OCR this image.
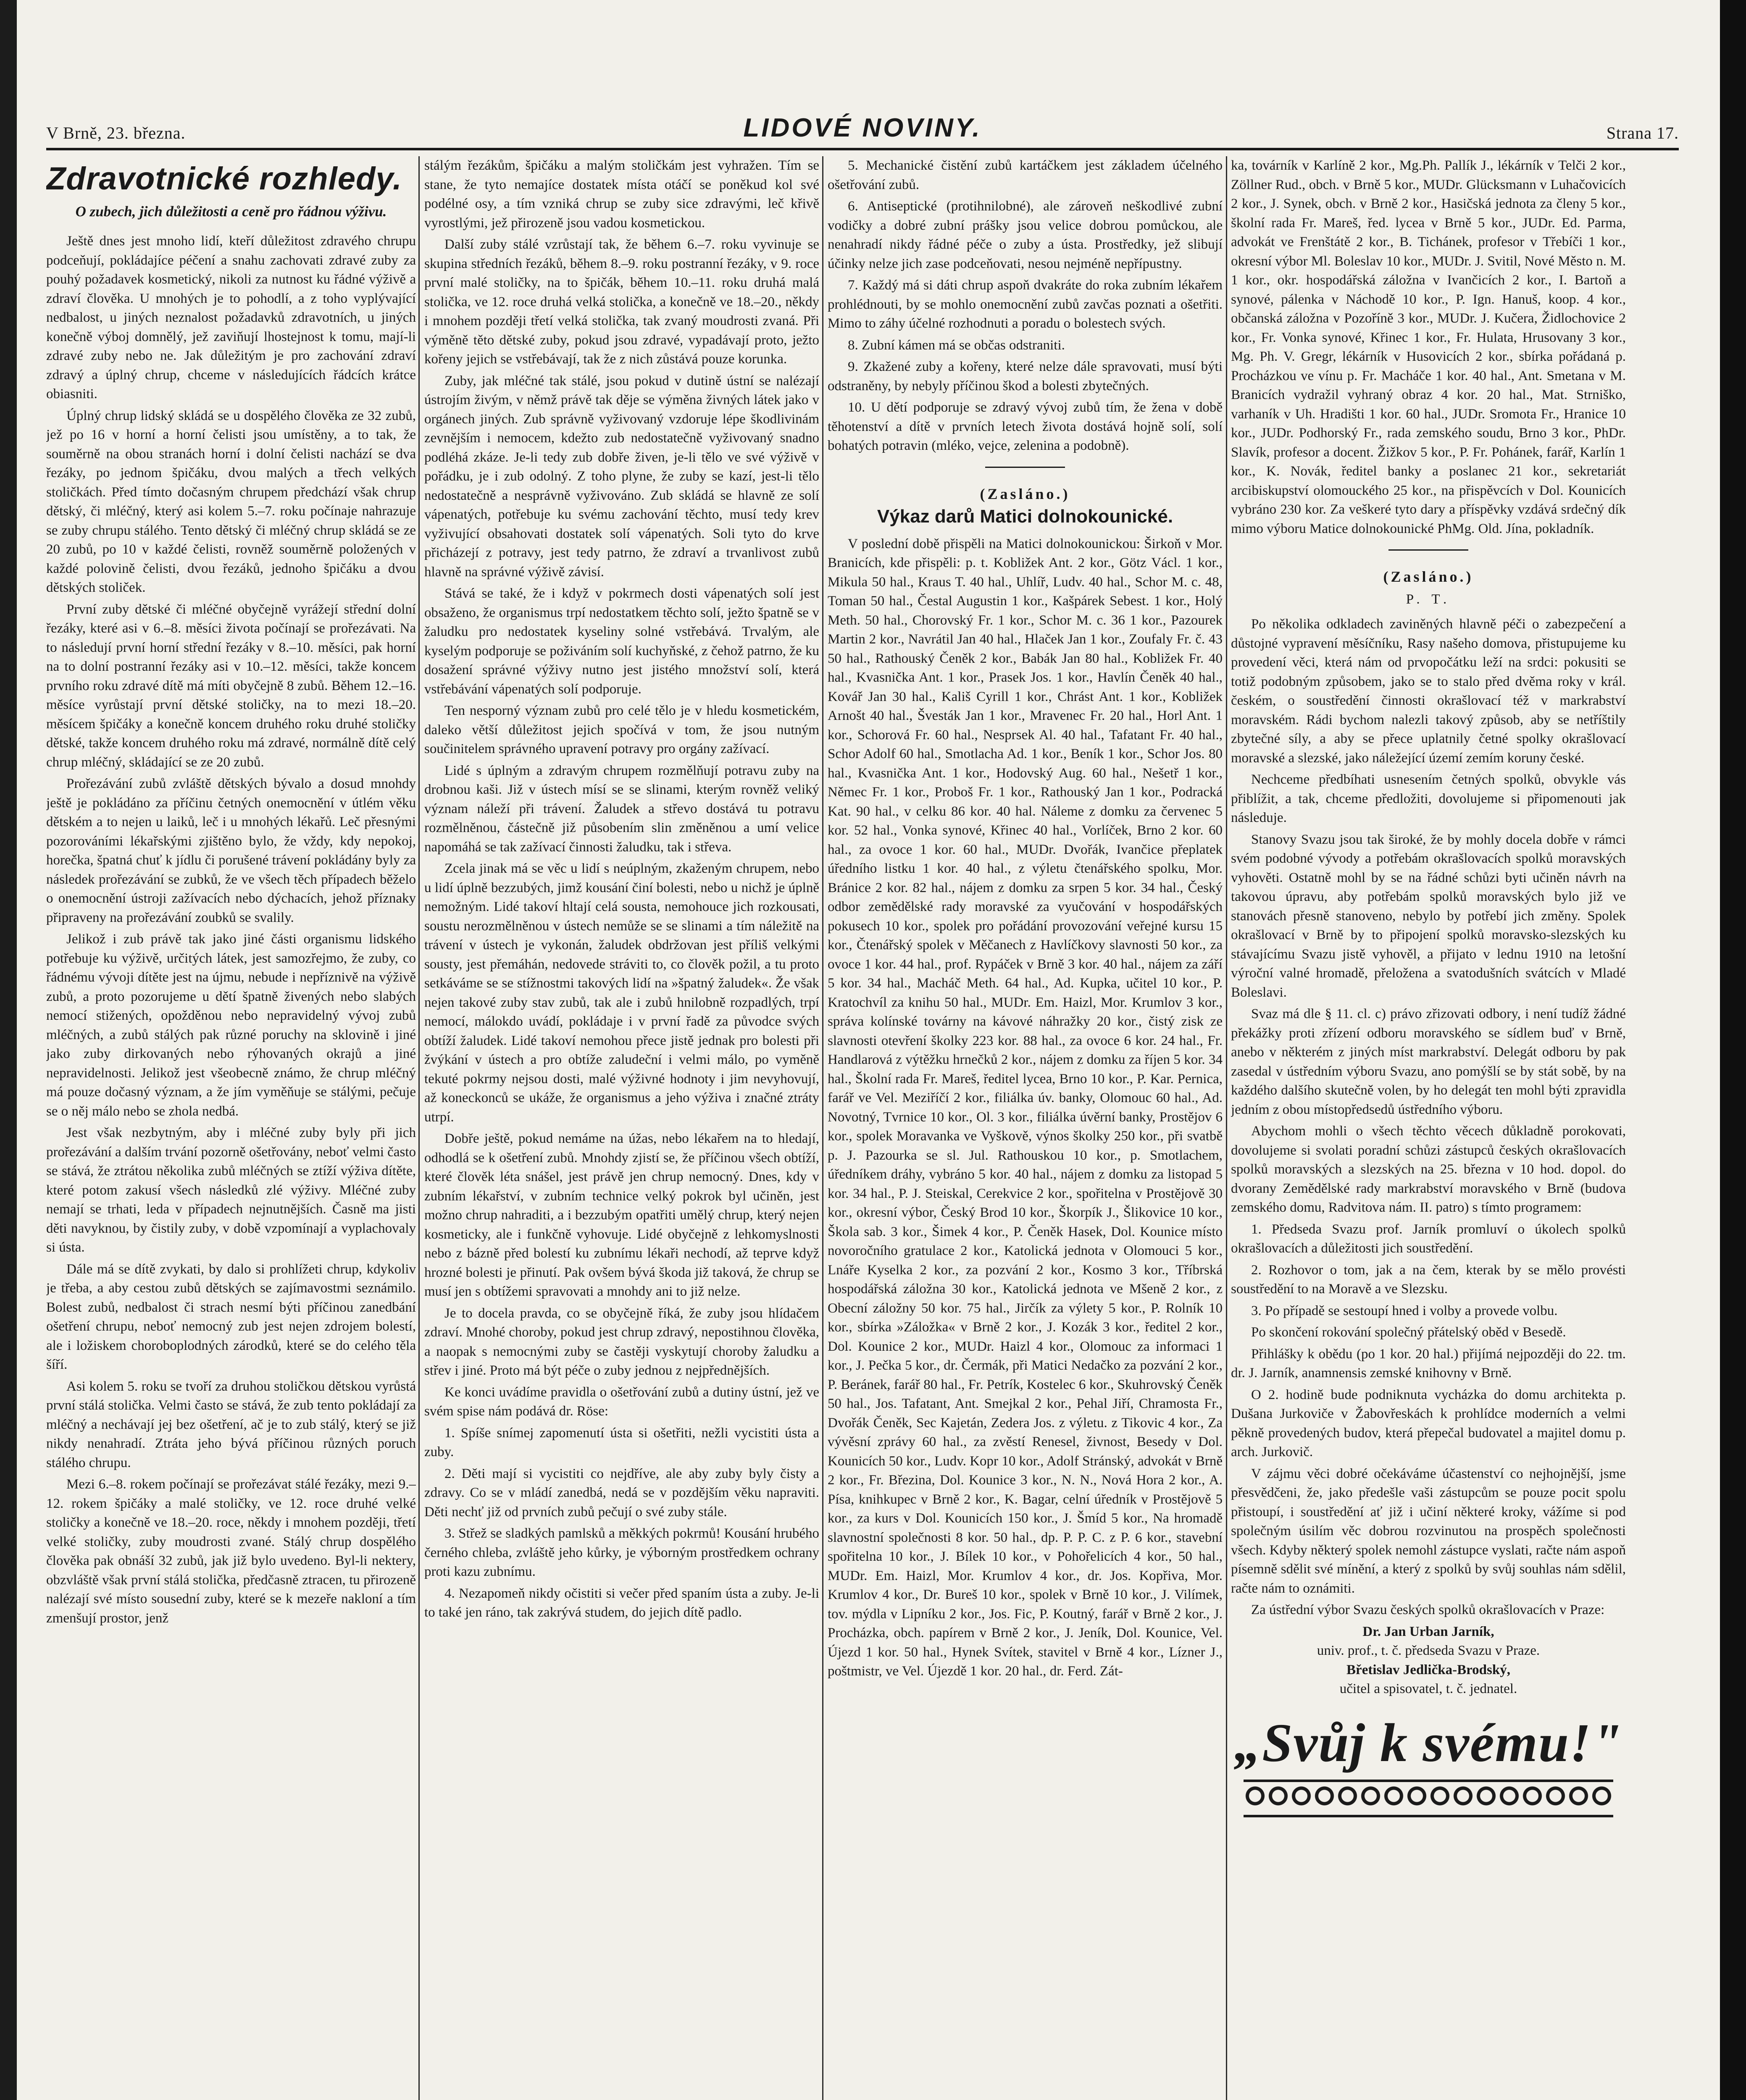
V Brně, 23. března.	LIDOVÉ NOVINY.	Strana 17.
Zdravotnické rozhledy.
O zubech, jich důležitosti a ceně pro řádnou výživu.

Ještě dnes jest mnoho lidí, kteří důležitost zdravého chrupu podceňují, pokládajíce péčení a snahu zachovati zdravé zuby za pouhý požadavek kosmetický, nikoli za nutnost ku řádné výživě a zdraví člověka. U mnohých je to pohodlí, a z toho vyplývající nedbalost, u jiných neznalost požadavků zdravotních, u jiných konečně výboj domnělý, jež zaviňují lhostejnost k tomu, mají-li zdravé zuby nebo ne. Jak důležitým je pro zachování zdraví zdravý a úplný chrup, chceme v následujících řádcích krátce obiasniti.

Úplný chrup lidský skládá se u dospělého člověka ze 32 zubů, jež po 16 v horní a horní čelisti jsou umístěny, a to tak, že souměrně na obou stranách horní i dolní čelisti nachází se dva řezáky, po jednom špičáku, dvou malých a třech velkých stoličkách. Před tímto dočasným chrupem předchází však chrup dětský, či mléčný, který asi kolem 5.–7. roku počínaje nahrazuje se zuby chrupu stálého. Tento dětský či mléčný chrup skládá se ze 20 zubů, po 10 v každé čelisti, rovněž souměrně položených v každé polovině čelisti, dvou řezáků, jednoho špičáku a dvou dětských stoliček.

První zuby dětské či mléčné obyčejně vyrážejí střední dolní řezáky, které asi v 6.–8. měsíci života počínají se prořezávati. Na to následují první horní střední řezáky v 8.–10. měsíci, pak horní na to dolní postranní řezáky asi v 10.–12. měsíci, takže koncem prvního roku zdravé dítě má míti obyčejně 8 zubů. Během 12.–16. měsíce vyrůstají první dětské stoličky, na to mezi 18.–20. měsícem špičáky a konečně koncem druhého roku druhé stoličky dětské, takže koncem druhého roku má zdravé, normálně dítě celý chrup mléčný, skládající se ze 20 zubů.

Prořezávání zubů zvláště dětských bývalo a dosud mnohdy ještě je pokládáno za příčinu četných onemocnění v útlém věku dětském a to nejen u laiků, leč i u mnohých lékařů. Leč přesnými pozorováními lékařskými zjištěno bylo, že vždy, kdy nepokoj, horečka, špatná chuť k jídlu či porušené trávení pokládány byly za následek prořezávání se zubků, že ve všech těch případech běželo o onemocnění ústroji zažívacích nebo dýchacích, jehož příznaky připraveny na prořezávání zoubků se svalily.

Jelikož i zub právě tak jako jiné části organismu lidského potřebuje ku výživě, určitých látek, jest samozřejmo, že zuby, co řádnému vývoji dítěte jest na újmu, nebude i nepříznivě na výživě zubů, a proto pozorujeme u dětí špatně živených nebo slabých nemocí stižených, opožděnou nebo nepravidelný vývoj zubů mléčných, a zubů stálých pak různé poruchy na sklovině i jiné jako zuby dirkovaných nebo rýhovaných okrajů a jiné nepravidelnosti. Jelikož jest všeobecně známo, že chrup mléčný má pouze dočasný význam, a že jím vyměňuje se stálými, pečuje se o něj málo nebo se zhola nedbá.

Jest však nezbytným, aby i mléčné zuby byly při jich prořezávání a dalším trvání pozorně ošetřovány, neboť velmi často se stává, že ztrátou několika zubů mléčných se ztíží výživa dítěte, které potom zakusí všech následků zlé výživy. Mléčné zuby nemají se trhati, leda v případech nejnutnějších. Časně ma jisti děti navyknou, by čistily zuby, v době vzpomínají a vyplachovaly si ústa.

Dále má se dítě zvykati, by dalo si prohlížeti chrup, kdykoliv je třeba, a aby cestou zubů dětských se zajímavostmi seznámilo. Bolest zubů, nedbalost či strach nesmí býti příčinou zanedbání ošetření chrupu, neboť nemocný zub jest nejen zdrojem bolestí, ale i ložiskem choroboplodných zárodků, které se do celého těla šíří.

Asi kolem 5. roku se tvoří za druhou stoličkou dětskou vyrůstá první stálá stolička. Velmi často se stává, že zub tento pokládají za mléčný a nechávají jej bez ošetření, ač je to zub stálý, který se již nikdy nenahradí. Ztráta jeho bývá příčinou různých poruch stálého chrupu.

Mezi 6.–8. rokem počínají se prořezávat stálé řezáky, mezi 9.–12. rokem špičáky a malé stoličky, ve 12. roce druhé velké stoličky a konečně ve 18.–20. roce, někdy i mnohem později, třetí velké stoličky, zuby moudrosti zvané. Stálý chrup dospělého člověka pak obnáší 32 zubů, jak již bylo uvedeno. Byl-li nektery, obzvláště však první stálá stolička, předčasně ztracen, tu přirozeně nalézají své místo sousední zuby, které se k mezeře nakloní a tím zmenšují prostor, jenž

stálým řezákům, špičáku a malým stoličkám jest vyhražen. Tím se stane, že tyto nemajíce dostatek místa otáčí se poněkud kol své podélné osy, a tím vzniká chrup se zuby sice zdravými, leč křivě vyrostlými, jež přirozeně jsou vadou kosmetickou.

Další zuby stálé vzrůstají tak, že během 6.–7. roku vyvinuje se skupina středních řezáků, během 8.–9. roku postranní řezáky, v 9. roce první malé stoličky, na to špičák, během 10.–11. roku druhá malá stolička, ve 12. roce druhá velká stolička, a konečně ve 18.–20., někdy i mnohem později třetí velká stolička, tak zvaný moudrosti zvaná. Při výměně těto dětské zuby, pokud jsou zdravé, vypadávají proto, ježto kořeny jejich se vstřebávají, tak že z nich zůstává pouze korunka.

Zuby, jak mléčné tak stálé, jsou pokud v dutině ústní se nalézají ústrojím živým, v němž právě tak děje se výměna živných látek jako v orgánech jiných. Zub správně vyživovaný vzdoruje lépe škodlivinám zevnějším i nemocem, kdežto zub nedostatečně vyživovaný snadno podléhá zkáze. Je-li tedy zub dobře živen, je-li tělo ve své výživě v pořádku, je i zub odolný. Z toho plyne, že zuby se kazí, jest-li tělo nedostatečně a nesprávně vyživováno. Zub skládá se hlavně ze solí vápenatých, potřebuje ku svému zachování těchto, musí tedy krev vyživující obsahovati dostatek solí vápenatých. Soli tyto do krve přicházejí z potravy, jest tedy patrno, že zdraví a trvanlivost zubů hlavně na správné výživě závisí.

Stává se také, že i když v pokrmech dosti vápenatých solí jest obsaženo, že organismus trpí nedostatkem těchto solí, ježto špatně se v žaludku pro nedostatek kyseliny solné vstřebává. Trvalým, ale kyselým podporuje se poživáním solí kuchyňské, z čehož patrno, že ku dosažení správné výživy nutno jest jistého množství solí, která vstřebávání vápenatých solí podporuje.

Ten nesporný význam zubů pro celé tělo je v hledu kosmetickém, daleko větší důležitost jejich spočívá v tom, že jsou nutným součinitelem správného upravení potravy pro orgány zažívací.

Lidé s úplným a zdravým chrupem rozmělňují potravu zuby na drobnou kaši. Již v ústech mísí se se slinami, kterým rovněž veliký význam náleží při trávení. Žaludek a střevo dostává tu potravu rozmělněnou, částečně již působením slin změněnou a umí velice napomáhá se tak zažívací činnosti žaludku, tak i střeva.

Zcela jinak má se věc u lidí s neúplným, zkaženým chrupem, nebo u lidí úplně bezzubých, jimž kousání činí bolesti, nebo u nichž je úplně nemožným. Lidé takoví hltají celá sousta, nemohouce jich rozkousati, soustu nerozmělněnou v ústech nemůže se se slinami a tím náležitě na trávení v ústech je vykonán, žaludek obdržovan jest příliš velkými sousty, jest přemáhán, nedovede stráviti to, co člověk požil, a tu proto setkáváme se se stížnostmi takových lidí na »špatný žaludek«. Že však nejen takové zuby stav zubů, tak ale i zubů hnilobně rozpadlých, trpí nemocí, málokdo uvádí, pokládaje i v první řadě za původce svých obtíží žaludek. Lidé takoví nemohou přece jistě jednak pro bolesti při žvýkání v ústech a pro obtíže zaludeční i velmi málo, po vyměně tekuté pokrmy nejsou dosti, malé výživné hodnoty i jim nevyhovují, až koneckonců se ukáže, že organismus a jeho výživa i značné ztráty utrpí.

Dobře ještě, pokud nemáme na úžas, nebo lékařem na to hledají, odhodlá se k ošetření zubů. Mnohdy zjistí se, že příčinou všech obtíží, které člověk léta snášel, jest právě jen chrup nemocný. Dnes, kdy v zubním lékařství, v zubním technice velký pokrok byl učiněn, jest možno chrup nahraditi, a i bezzubým opatřiti umělý chrup, který nejen kosmeticky, ale i funkčně vyhovuje. Lidé obyčejně z lehkomyslnosti nebo z bázně před bolestí ku zubnímu lékaři nechodí, až teprve když hrozné bolesti je přinutí. Pak ovšem bývá škoda již taková, že chrup se musí jen s obtížemi spravovati a mnohdy ani to již nelze.

Je to docela pravda, co se obyčejně říká, že zuby jsou hlídačem zdraví. Mnohé choroby, pokud jest chrup zdravý, nepostihnou člověka, a naopak s nemocnými zuby se častěji vyskytují choroby žaludku a střev i jiné. Proto má být péče o zuby jednou z nejpřednějších.

Ke konci uvádíme pravidla o ošetřování zubů a dutiny ústní, jež ve svém spise nám podává dr. Röse:

1. Spíše snímej zapomenutí ústa si ošetřiti, nežli vycistiti ústa a zuby.

2. Děti mají si vycistiti co nejdříve, ale aby zuby byly čisty a zdravy. Co se v mládí zanedbá, nedá se v pozdějším věku napraviti. Děti nechť již od prvních zubů pečují o své zuby stále.

3. Střež se sladkých pamlsků a měkkých pokrmů! Kousání hrubého černého chleba, zvláště jeho kůrky, je výborným prostředkem ochrany proti kazu zubnímu.

4. Nezapomeň nikdy očistiti si večer před spaním ústa a zuby. Je-li to také jen ráno, tak zakrývá studem, do jejich dítě padlo.

5. Mechanické čistění zubů kartáčkem jest základem účelného ošetřování zubů.

6. Antiseptické (protihnilobné), ale zároveň neškodlivé zubní vodičky a dobré zubní prášky jsou velice dobrou pomůckou, ale nenahradí nikdy řádné péče o zuby a ústa. Prostředky, jež slibují účinky nelze jich zase podceňovati, nesou nejméně nepřípustny.

7. Každý má si dáti chrup aspoň dvakráte do roka zubním lékařem prohlédnouti, by se mohlo onemocnění zubů zavčas poznati a ošetřiti. Mimo to záhy účelné rozhodnuti a poradu o bolestech svých.

8. Zubní kámen má se občas odstraniti.

9. Zkažené zuby a kořeny, které nelze dále spravovati, musí býti odstraněny, by nebyly příčinou škod a bolesti zbytečných.

10. U dětí podporuje se zdravý vývoj zubů tím, že žena v době těhotenství a dítě v prvních letech života dostává hojně solí, solí bohatých potravin (mléko, vejce, zelenina a podobně).

(Zasláno.)
Výkaz darů Matici dolnokounické.

V poslední době přispěli na Matici dolnokounickou: Širkoň v Mor. Branicích, kde přispěli: p. t. Kobližek Ant. 2 kor., Götz Václ. 1 kor., Mikula 50 hal., Kraus T. 40 hal., Uhlíř, Ludv. 40 hal., Schor M. c. 48, Toman 50 hal., Čestal Augustin 1 kor., Kašpárek Sebest. 1 kor., Holý Meth. 50 hal., Chorovský Fr. 1 kor., Schor M. c. 36 1 kor., Pazourek Martin 2 kor., Navrátil Jan 40 hal., Hlaček Jan 1 kor., Zoufaly Fr. č. 43 50 hal., Rathouský Čeněk 2 kor., Babák Jan 80 hal., Kobližek Fr. 40 hal., Kvasnička Ant. 1 kor., Prasek Jos. 1 kor., Havlín Čeněk 40 hal., Kovář Jan 30 hal., Kališ Cyrill 1 kor., Chrást Ant. 1 kor., Kobližek Arnošt 40 hal., Švesták Jan 1 kor., Mravenec Fr. 20 hal., Horl Ant. 1 kor., Schorová Fr. 60 hal., Nesprsek Al. 40 hal., Tafatant Fr. 40 hal., Schor Adolf 60 hal., Smotlacha Ad. 1 kor., Beník 1 kor., Schor Jos. 80 hal., Kvasnička Ant. 1 kor., Hodovský Aug. 60 hal., Nešetř 1 kor., Němec Fr. 1 kor., Proboš Fr. 1 kor., Rathouský Jan 1 kor., Podracká Kat. 90 hal., v celku 86 kor. 40 hal. Náleme z domku za červenec 5 kor. 52 hal., Vonka synové, Křinec 40 hal., Vorlíček, Brno 2 kor. 60 hal., za ovoce 1 kor. 60 hal., MUDr. Dvořák, Ivančice přeplatek úředního listku 1 kor. 40 hal., z výletu čtenářského spolku, Mor. Bránice 2 kor. 82 hal., nájem z domku za srpen 5 kor. 34 hal., Český odbor zemědělské rady moravské za vyučování v hospodářských pokusech 10 kor., spolek pro pořádání provozování veřejné kursu 15 kor., Čtenářský spolek v Měčanech z Havlíčkovy slavnosti 50 kor., za ovoce 1 kor. 44 hal., prof. Rypáček v Brně 3 kor. 40 hal., nájem za září 5 kor. 34 hal., Macháč Meth. 64 hal., Ad. Kupka, učitel 10 kor., P. Kratochvíl za knihu 50 hal., MUDr. Em. Haizl, Mor. Krumlov 3 kor., správa kolínské továrny na kávové náhražky 20 kor., čistý zisk ze slavnosti otevření školky 223 kor. 88 hal., za ovoce 6 kor. 24 hal., Fr. Handlarová z výtěžku hrnečků 2 kor., nájem z domku za říjen 5 kor. 34 hal., Školní rada Fr. Mareš, ředitel lycea, Brno 10 kor., P. Kar. Pernica, farář ve Vel. Meziříčí 2 kor., filiálka úv. banky, Olomouc 60 hal., Ad. Novotný, Tvrnice 10 kor., Ol. 3 kor., filiálka úvěrní banky, Prostějov 6 kor., spolek Moravanka ve Vyškově, výnos školky 250 kor., při svatbě p. J. Pazourka se sl. Jul. Rathouskou 10 kor., p. Smotlachem, úředníkem dráhy, vybráno 5 kor. 40 hal., nájem z domku za listopad 5 kor. 34 hal., P. J. Steiskal, Cerekvice 2 kor., spořitelna v Prostějově 30 kor., okresní výbor, Český Brod 10 kor., Škorpík J., Šlikovice 10 kor., Škola sab. 3 kor., Šimek 4 kor., P. Čeněk Hasek, Dol. Kounice místo novoročního gratulace 2 kor., Katolická jednota v Olomouci 5 kor., Lnáře Kyselka 2 kor., za pozvání 2 kor., Kosmo 3 kor., Tříbrská hospodářská záložna 30 kor., Katolická jednota ve Mšeně 2 kor., z Obecní záložny 50 kor. 75 hal., Jirčík za výlety 5 kor., P. Rolník 10 kor., sbírka »Záložka« v Brně 2 kor., J. Kozák 3 kor., ředitel 2 kor., Dol. Kounice 2 kor., MUDr. Haizl 4 kor., Olomouc za informaci 1 kor., J. Pečka 5 kor., dr. Čermák, při Matici Nedačko za pozvání 2 kor., P. Beránek, farář 80 hal., Fr. Petrík, Kostelec 6 kor., Skuhrovský Čeněk 50 hal., Jos. Tafatant, Ant. Smejkal 2 kor., Pehal Jiří, Chramosta Fr., Dvořák Čeněk, Sec Kajetán, Zedera Jos. z výletu. z Tikovic 4 kor., Za vývěsní zprávy 60 hal., za zvěstí Renesel, živnost, Besedy v Dol. Kounicích 50 kor., Ludv. Kopr 10 kor., Adolf Stránský, advokát v Brně 2 kor., Fr. Březina, Dol. Kounice 3 kor., N. N., Nová Hora 2 kor., A. Písa, knihkupec v Brně 2 kor., K. Bagar, celní úředník v Prostějově 5 kor., za kurs v Dol. Kounicích 150 kor., J. Šmíd 5 kor., Na hromadě slavnostní společnosti 8 kor. 50 hal., dp. P. P. C. z P. 6 kor., stavební spořitelna 10 kor., J. Bílek 10 kor., v Pohořelicích 4 kor., 50 hal., MUDr. Em. Haizl, Mor. Krumlov 4 kor., dr. Jos. Kopřiva, Mor. Krumlov 4 kor., Dr. Bureš 10 kor., spolek v Brně 10 kor., J. Vilímek, tov. mýdla v Lipníku 2 kor., Jos. Fic, P. Koutný, farář v Brně 2 kor., J. Procházka, obch. papírem v Brně 2 kor., J. Jeník, Dol. Kounice, Vel. Újezd 1 kor. 50 hal., Hynek Svítek, stavitel v Brně 4 kor., Lízner J., poštmistr, ve Vel. Újezdě 1 kor. 20 hal., dr. Ferd. Zát-

ka, továrník v Karlíně 2 kor., Mg.Ph. Pallík J., lékárník v Telči 2 kor., Zöllner Rud., obch. v Brně 5 kor., MUDr. Glücksmann v Luhačovicích 2 kor., J. Synek, obch. v Brně 2 kor., Hasičská jednota za členy 5 kor., školní rada Fr. Mareš, řed. lycea v Brně 5 kor., JUDr. Ed. Parma, advokát ve Frenštátě 2 kor., B. Tichánek, profesor v Třebíči 1 kor., okresní výbor Ml. Boleslav 10 kor., MUDr. J. Svitil, Nové Město n. M. 1 kor., okr. hospodářská záložna v Ivančicích 2 kor., I. Bartoň a synové, pálenka v Náchodě 10 kor., P. Ign. Hanuš, koop. 4 kor., občanská záložna v Pozoříně 3 kor., MUDr. J. Kučera, Židlochovice 2 kor., Fr. Vonka synové, Křinec 1 kor., Fr. Hulata, Hrusovany 3 kor., Mg. Ph. V. Gregr, lékárník v Husovicích 2 kor., sbírka pořádaná p. Procházkou ve vínu p. Fr. Macháče 1 kor. 40 hal., Ant. Smetana v M. Branicích vydražil vyhraný obraz 4 kor. 20 hal., Mat. Strniško, varhaník v Uh. Hradišti 1 kor. 60 hal., JUDr. Sromota Fr., Hranice 10 kor., JUDr. Podhorský Fr., rada zemského soudu, Brno 3 kor., PhDr. Slavík, profesor a docent. Žižkov 5 kor., P. Fr. Pohánek, farář, Karlín 1 kor., K. Novák, ředitel banky a poslanec 21 kor., sekretariát arcibiskupství olomouckého 25 kor., na přispěvcích v Dol. Kounicích vybráno 230 kor. Za veškeré tyto dary a příspěvky vzdává srdečný dík mimo výboru Matice dolnokounické PhMg. Old. Jína, pokladník.

(Zasláno.)
P. T.

Po několika odkladech zaviněných hlavně péči o zabezpečení a důstojné vypravení měsíčníku, Rasy našeho domova, přistupujeme ku provedení věci, která nám od prvopočátku leží na srdci: pokusiti se totiž podobným způsobem, jako se to stalo před dvěma roky v král. českém, o soustředění činnosti okrašlovací též v markrabství moravském. Rádi bychom nalezli takový způsob, aby se netříštily zbytečné síly, a aby se přece uplatnily četné spolky okrašlovací moravské a slezské, jako náležející území zemím koruny české.

Nechceme předbíhati usnesením četných spolků, obvykle vás přiblížit, a tak, chceme předložiti, dovolujeme si připomenouti jak následuje.

Stanovy Svazu jsou tak široké, že by mohly docela dobře v rámci svém podobné vývody a potřebám okrašlovacích spolků moravských vyhověti. Ostatně mohl by se na řádné schůzi byti učiněn návrh na takovou úpravu, aby potřebám spolků moravských bylo již ve stanovách přesně stanoveno, nebylo by potřebí jich změny. Spolek okrašlovací v Brně by to připojení spolků moravsko-slezských ku stávajícímu Svazu jistě vyhověl, a přijato v lednu 1910 na letošní výroční valné hromadě, přeložena a svatodušních svátcích v Mladé Boleslavi.

Svaz má dle § 11. cl. c) právo zřizovati odbory, i není tudíž žádné překážky proti zřízení odboru moravského se sídlem buď v Brně, anebo v některém z jiných míst markrabství. Delegát odboru by pak zasedal v ústředním výboru Svazu, ano pomýšlí se by stát sobě, by na každého dalšího skutečně volen, by ho delegát ten mohl býti zpravidla jedním z obou místopředsedů ústředního výboru.

Abychom mohli o všech těchto věcech důkladně porokovati, dovolujeme si svolati poradní schůzi zástupců českých okrašlovacích spolků moravských a slezských na 25. března v 10 hod. dopol. do dvorany Zemědělské rady markrabství moravského v Brně (budova zemského domu, Radvitova nám. II. patro) s tímto programem:

1. Předseda Svazu prof. Jarník promluví o úkolech spolků okrašlovacích a důležitosti jich soustředění.

2. Rozhovor o tom, jak a na čem, kterak by se mělo provésti soustředění to na Moravě a ve Slezsku.

3. Po případě se sestoupí hned i volby a provede volbu.

Po skončení rokování společný přátelský oběd v Besedě.

Přihlášky k obědu (po 1 kor. 20 hal.) přijímá nejpozději do 22. tm. dr. J. Jarník, anamnensis zemské knihovny v Brně.

O 2. hodině bude podniknuta vycházka do domu architekta p. Dušana Jurkoviče v Žabovřeskách k prohlídce moderních a velmi pěkně provedených budov, která přepečal budovatel a majitel domu p. arch. Jurkovič.

V zájmu věci dobré očekáváme účastenství co nejhojnější, jsme přesvědčeni, že, jako předešle vaši zástupcům se pouze pocit spolu přistoupí, i soustředění ať již i učiní některé kroky, vážíme si pod společným úsilím věc dobrou rozvinutou na prospěch společnosti všech. Kdyby některý spolek nemohl zástupce vyslati, račte nám aspoň písemně sdělit své mínění, a který z spolků by svůj souhlas nám sdělil, račte nám to oznámiti.

Za ústřední výbor Svazu českých spolků okrašlovacích v Praze:

Dr. Jan Urban Jarník,

univ. prof., t. č. předseda Svazu v Praze.

Břetislav Jedlička-Brodský,

učitel a spisovatel, t. č. jednatel.

„Svůj k svému!"
